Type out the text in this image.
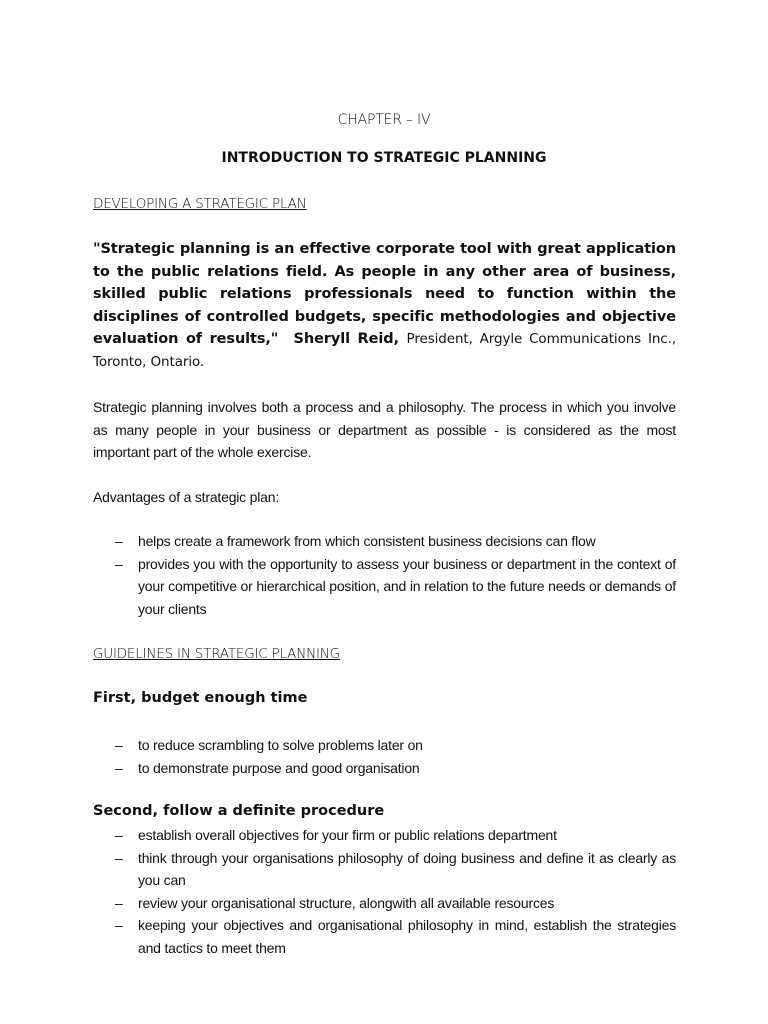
CHAPTER – IV
INTRODUCTION TO STRATEGIC PLANNING
DEVELOPING A STRATEGIC PLAN
"Strategic planning is an effective corporate tool with great application to the public relations field. As people in any other area of business, skilled public relations professionals need to function within the disciplines of controlled budgets, specific methodologies and objective evaluation of results," Sheryll Reid, President, Argyle Communications Inc., Toronto, Ontario.
Strategic planning involves both a process and a philosophy. The process in which you involve as many people in your business or department as possible - is considered as the most important part of the whole exercise.
Advantages of a strategic plan:
– helps create a framework from which consistent business decisions can flow
– provides you with the opportunity to assess your business or department in the context of your competitive or hierarchical position, and in relation to the future needs or demands of your clients
GUIDELINES IN STRATEGIC PLANNING
First, budget enough time
– to reduce scrambling to solve problems later on
– to demonstrate purpose and good organisation
Second, follow a definite procedure
– establish overall objectives for your firm or public relations department
– think through your organisations philosophy of doing business and define it as clearly as you can
– review your organisational structure, alongwith all available resources
– keeping your objectives and organisational philosophy in mind, establish the strategies and tactics to meet them
